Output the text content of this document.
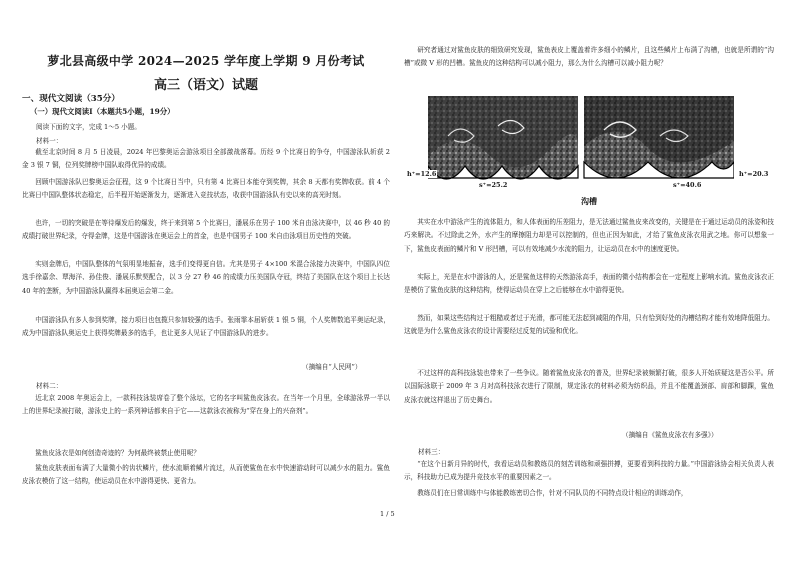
萝北县高级中学 2024—2025 学年度上学期 9 月份考试
高三（语文）试题
一、现代文阅读（35分）
（一）现代文阅读Ⅰ（本题共5小题，19分）
阅读下面的文字，完成 1～5 小题。
材料一：
截至北京时间 8 月 5 日凌晨，2024 年巴黎奥运会游泳项目全部激战落幕。历经 9 个比赛日的争夺，中国游泳队斩获 2 金 3 银 7 铜，位列奖牌榜中国队取得优异的成绩。
回顾中国游泳队巴黎奥运会征程，这 9 个比赛日当中，只有第 4 比赛日本能夺到奖牌，其余 8 天都有奖牌收获。前 4 个比赛日中国队整体状态稳定，后半程开始逐渐发力，逐渐进入竞技状态，收获中国游泳队有史以来的高光时刻。
也许，一切的突破是在等待爆发后的爆发，终于来到第 5 个比赛日，潘展乐在男子 100 米自由泳决赛中，以 46 秒 40 的成绩打破世界纪录，夺得金牌，这是中国游泳在奥运会上的首金，也是中国男子 100 米自由泳项目历史性的突破。
实则金牌后，中国队整体的气氛明显地振奋，选手们变得更自信。尤其是男子 4×100 米混合泳接力决赛中，中国队四位选手徐嘉余、覃海洋、孙佳俊、潘展乐默契配合，以 3 分 27 秒 46 的成绩力压美国队夺冠，终结了美国队在这个项目上长达 40 年的垄断，为中国游泳队赢得本届奥运会第二金。
中国游泳队有多人参到奖牌，接力项目也包揽只参加较强的选手。张雨霏本届斩获 1 银 5 铜，个人奖牌数追平奥运纪录，成为中国游泳队奥运史上获得奖牌最多的选手，也让更多人见证了中国游泳队的进步。
（摘编自“人民网”）
材料二：
近北京 2008 年奥运会上，一款科技泳装席卷了整个泳坛，它的名字叫鲨鱼皮泳衣。在当年一个月里，全球游泳界一半以上的世界纪录被打破，游泳史上的一系列神话都来自于它——这款泳衣被称为“穿在身上的兴奋剂”。
鲨鱼皮泳衣是如何创造奇迹的？为何最终被禁止使用呢？
鲨鱼皮肤表面布满了大量微小的齿状鳞片，使水流顺着鳞片流过，从而使鲨鱼在水中快速游动时可以减少水的阻力。鲨鱼皮泳衣模仿了这一结构，使运动员在水中游得更快、更省力。
研究者通过对鲨鱼皮肤的细致研究发现，鲨鱼表皮上覆盖着许多细小的鳞片，且这些鳞片上布满了沟槽，也就是所谓的“沟槽”或微 V 形的凹槽。鲨鱼皮的这种结构可以减小阻力，那么为什么沟槽可以减小阻力呢？
h⁺=12.6
s⁺=25.2
h⁺=20.3
s⁺=40.6
沟槽
其实在水中游泳产生的流体阻力，和人体表面的压差阻力，是无法通过鲨鱼皮来改变的，关键是在于通过运动员的泳姿和技巧来解决。不过除此之外，水产生的摩擦阻力却是可以控制的，但也正因为如此，才给了鲨鱼皮泳衣用武之地。你可以想象一下，鲨鱼皮表面的鳞片和 V 形凹槽，可以有效地减少水流的阻力，让运动员在水中的速度更快。
实际上，光是在水中游泳的人，还是鲨鱼这样的天然游泳高手，表面的微小结构都会在一定程度上影响水流。鲨鱼皮泳衣正是模仿了鲨鱼皮肤的这种结构，使得运动员在穿上之后能够在水中游得更快。
然而，如果这些结构过于粗糙或者过于光滑，都可能无法起到减阻的作用，只有恰到好处的沟槽结构才能有效地降低阻力。这就是为什么鲨鱼皮泳衣的设计需要经过反复的试验和优化。
不过这样的高科技泳装也带来了一些争议。随着鲨鱼皮泳衣的普及，世界纪录被频繁打破，很多人开始质疑这是否公平。所以国际泳联于 2009 年 3 月对高科技泳衣进行了限制，规定泳衣的材料必须为纺织品，并且不能覆盖颈部、肩部和脚踝，鲨鱼皮泳衣就这样退出了历史舞台。
（摘编自《鲨鱼皮泳衣有多强》）
材料三：
“在这个日新月异的时代，我看运动员和教练员的刻苦训练和顽强拼搏，更要看到科技的力量。”中国游泳协会相关负责人表示，科技助力已成为提升竞技水平的重要因素之一。
教练员们在日常训练中与体能教练密切合作，针对不同队员的不同特点设计相应的训练动作，
1 / 5
